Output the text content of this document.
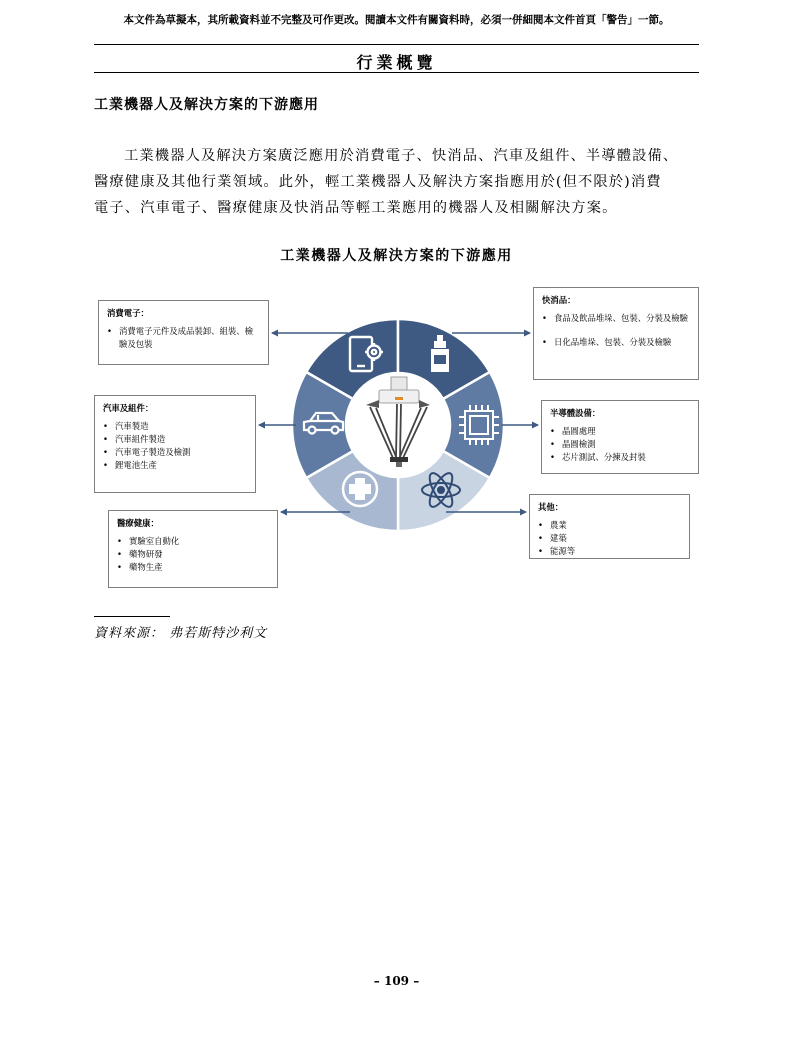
本文件為草擬本，其所載資料並不完整及可作更改。閱讀本文件有關資料時，必須一併細閱本文件首頁「警告」一節。
行業概覽
工業機器人及解決方案的下游應用

工業機器人及解決方案廣泛應用於消費電子、快消品、汽車及組件、半導體設備、

醫療健康及其他行業領域。此外，輕工業機器人及解決方案指應用於(但不限於)消費

電子、汽車電子、醫療健康及快消品等輕工業應用的機器人及相關解決方案。

工業機器人及解決方案的下游應用
消費電子：
• 消費電子元件及成品裝卸、組裝、檢驗及包裝
快消品：
• 食品及飲品堆垛、包裝、分裝及檢驗
• 日化品堆垛、包裝、分裝及檢驗
汽車及組件：
• 汽車製造
• 汽車組件製造
• 汽車電子製造及檢測
• 鋰電池生產
半導體設備：
• 晶圓處理
• 晶圓檢測
• 芯片測試、分揀及封裝
醫療健康：
• 實驗室自動化
• 藥物研發
• 藥物生產
其他：
• 農業
• 建築
• 能源等
資料來源： 弗若斯特沙利文
– 109 –
